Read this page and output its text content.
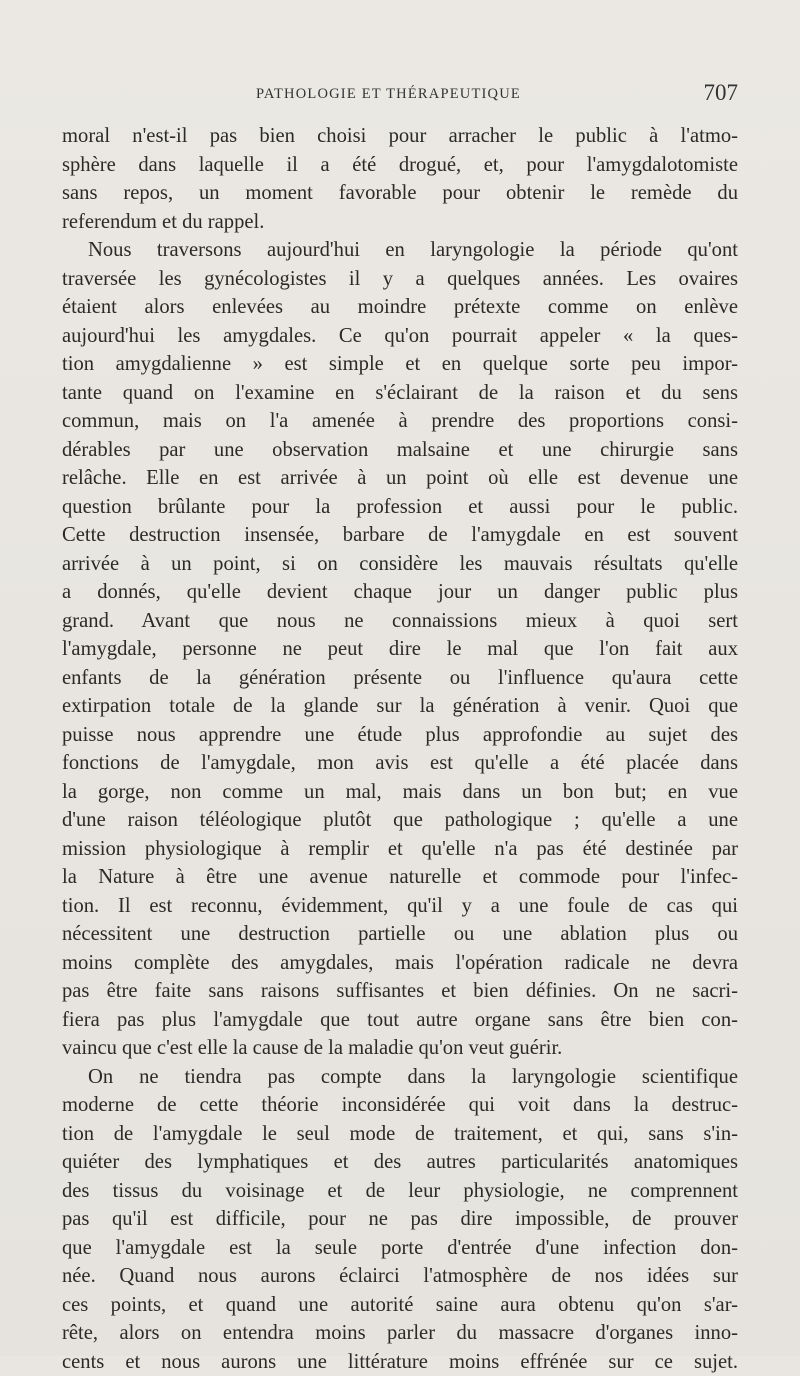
PATHOLOGIE ET THÉRAPEUTIQUE	707
moral n'est-il pas bien choisi pour arracher le public à l'atmo-
sphère dans laquelle il a été drogué, et, pour l'amygdalotomiste
sans repos, un moment favorable pour obtenir le remède du
referendum et du rappel.
Nous traversons aujourd'hui en laryngologie la période qu'ont
traversée les gynécologistes il y a quelques années. Les ovaires
étaient alors enlevées au moindre prétexte comme on enlève
aujourd'hui les amygdales. Ce qu'on pourrait appeler « la ques-
tion amygdalienne » est simple et en quelque sorte peu impor-
tante quand on l'examine en s'éclairant de la raison et du sens
commun, mais on l'a amenée à prendre des proportions consi-
dérables par une observation malsaine et une chirurgie sans
relâche. Elle en est arrivée à un point où elle est devenue une
question brûlante pour la profession et aussi pour le public.
Cette destruction insensée, barbare de l'amygdale en est souvent
arrivée à un point, si on considère les mauvais résultats qu'elle
a donnés, qu'elle devient chaque jour un danger public plus
grand. Avant que nous ne connaissions mieux à quoi sert
l'amygdale, personne ne peut dire le mal que l'on fait aux
enfants de la génération présente ou l'influence qu'aura cette
extirpation totale de la glande sur la génération à venir. Quoi que
puisse nous apprendre une étude plus approfondie au sujet des
fonctions de l'amygdale, mon avis est qu'elle a été placée dans
la gorge, non comme un mal, mais dans un bon but; en vue
d'une raison téléologique plutôt que pathologique ; qu'elle a une
mission physiologique à remplir et qu'elle n'a pas été destinée par
la Nature à être une avenue naturelle et commode pour l'infec-
tion. Il est reconnu, évidemment, qu'il y a une foule de cas qui
nécessitent une destruction partielle ou une ablation plus ou
moins complète des amygdales, mais l'opération radicale ne devra
pas être faite sans raisons suffisantes et bien définies. On ne sacri-
fiera pas plus l'amygdale que tout autre organe sans être bien con-
vaincu que c'est elle la cause de la maladie qu'on veut guérir.
On ne tiendra pas compte dans la laryngologie scientifique
moderne de cette théorie inconsidérée qui voit dans la destruc-
tion de l'amygdale le seul mode de traitement, et qui, sans s'in-
quiéter des lymphatiques et des autres particularités anatomiques
des tissus du voisinage et de leur physiologie, ne comprennent
pas qu'il est difficile, pour ne pas dire impossible, de prouver
que l'amygdale est la seule porte d'entrée d'une infection don-
née. Quand nous aurons éclairci l'atmosphère de nos idées sur
ces points, et quand une autorité saine aura obtenu qu'on s'ar-
rête, alors on entendra moins parler du massacre d'organes inno-
cents et nous aurons une littérature moins effrénée sur ce sujet.
